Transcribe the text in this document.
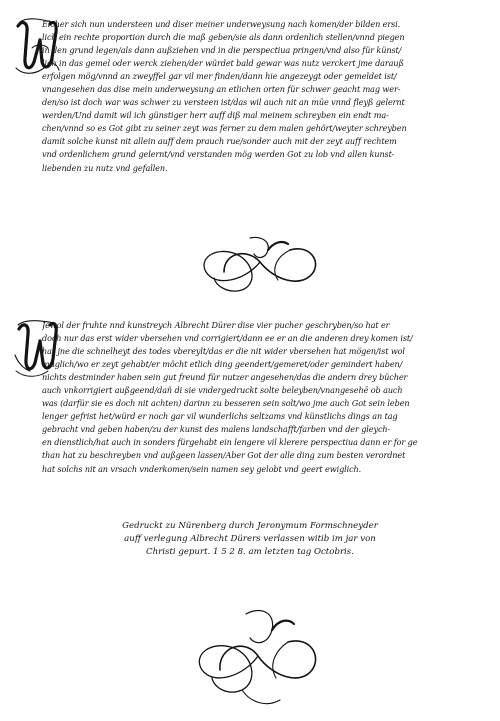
Elcher sich nun understeen und diser meiner underweysung nach komen/der bilden ersi.
lich ein rechte proportion durch die maß geben/sie als dann ordenlich stellen/vnnd piegen
in den grund legen/als dann außziehen vnd in die perspectiua pringen/vnd also für künst/
lich in das gemel oder werck ziehen/der würdet bald gewar was nutz verckert jme darauß
erfolgen mög/vnnd an zweyffel gar vil mer finden/dann hie angezeygt oder gemeldet ist/
vnangesehen das dise mein underweysung an etlichen orten für schwer geacht mag wer-
den/so ist doch war was schwer zu versteen ist/das wil auch nit an müe vnnd fleyß gelernt
werden/Und damit wil ich günstiger herr auff diß mal meinem schreyben ein endt ma-
chen/vnnd so es Got gibt zu seiner zeyt was ferner zu dem malen gehört/weyter schreyben
damit solche kunst nit allein auff dem prauch rue/sonder auch mit der zeyt auff rechtem
vnd ordenlichem grund gelernt/vnd verstanden mög werden Got zu lob vnd allen kunst-
liebenden zu nutz vnd gefallen.
Jewol der fruhte nnd kunstreych Albrecht Dürer dise vier pucher geschryben/so hat er
doch nur das erst wider vbersehen vnd corrigiert/dann ee er an die anderen drey komen ist/
hat jne die schnelheyt des todes vbereylt/das er die nit wider vbersehen hat mögen/ist wol
müglich/wo er zeyt gehabt/er möcht etlich ding geendert/gemeret/oder gemindert haben/
nichts destminder haben sein gut freund für nutzer angesehen/das die andern drey bücher
auch vnkorrigiert außgeend/dañ di sie vndergedruckt solte beleyben/vnangesehē ob auch
was (darfür sie es doch nit achten) darinn zu besseren sein solt/wo jme auch Got sein leben
lenger gefrist het/würd er noch gar vil wunderlichs seltzams vnd künstlichs dings an tag
gebracht vnd geben haben/zu der kunst des malens landschafft/farben vnd der gleych-
en dienstlich/hat auch in sonders fürgehabt ein lengere vil klerere perspectiua dann er for ge
than hat zu beschreyben vnd außgeen lassen/Aber Got der alle ding zum besten verordnet
hat solchs nit an vrsach vnderkomen/sein namen sey gelobt vnd geert ewiglich.
Gedruckt zu Nürenberg durch Jeronymum Formschneyder
auff verlegung Albrecht Dürers verlassen witib im jar von
Christi gepurt. 1 5 2 8. am letzten tag Octobris.
